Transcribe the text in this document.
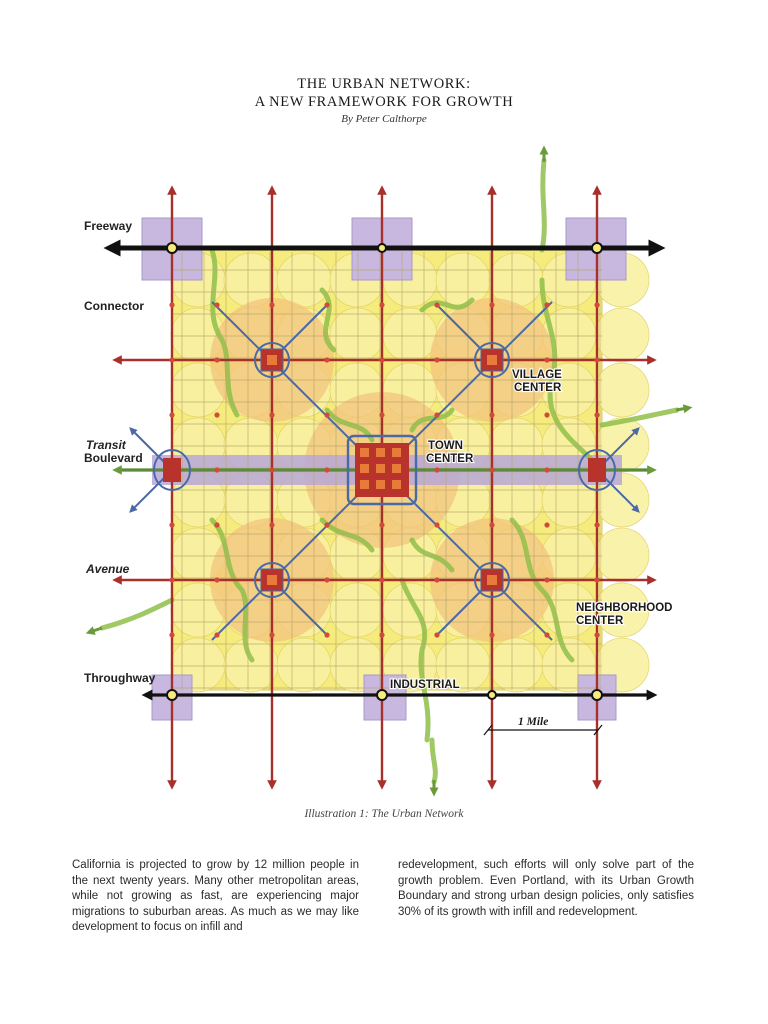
THE URBAN NETWORK:
A NEW FRAMEWORK FOR GROWTH
By Peter Calthorpe
Freeway
Connector
Transit
Boulevard
Avenue
Throughway
VILLAGE
CENTER
TOWN
CENTER
NEIGHBORHOOD
CENTER
INDUSTRIAL
1 Mile
Illustration 1: The Urban Network
California is projected to grow by 12 million people in the next twenty years. Many other metropolitan areas, while not growing as fast, are experiencing major migrations to suburban areas. As much as we may like development to focus on infill and
redevelopment, such efforts will only solve part of the growth problem. Even Portland, with its Urban Growth Boundary and strong urban design policies, only satisfies 30% of its growth with infill and redevelopment.
